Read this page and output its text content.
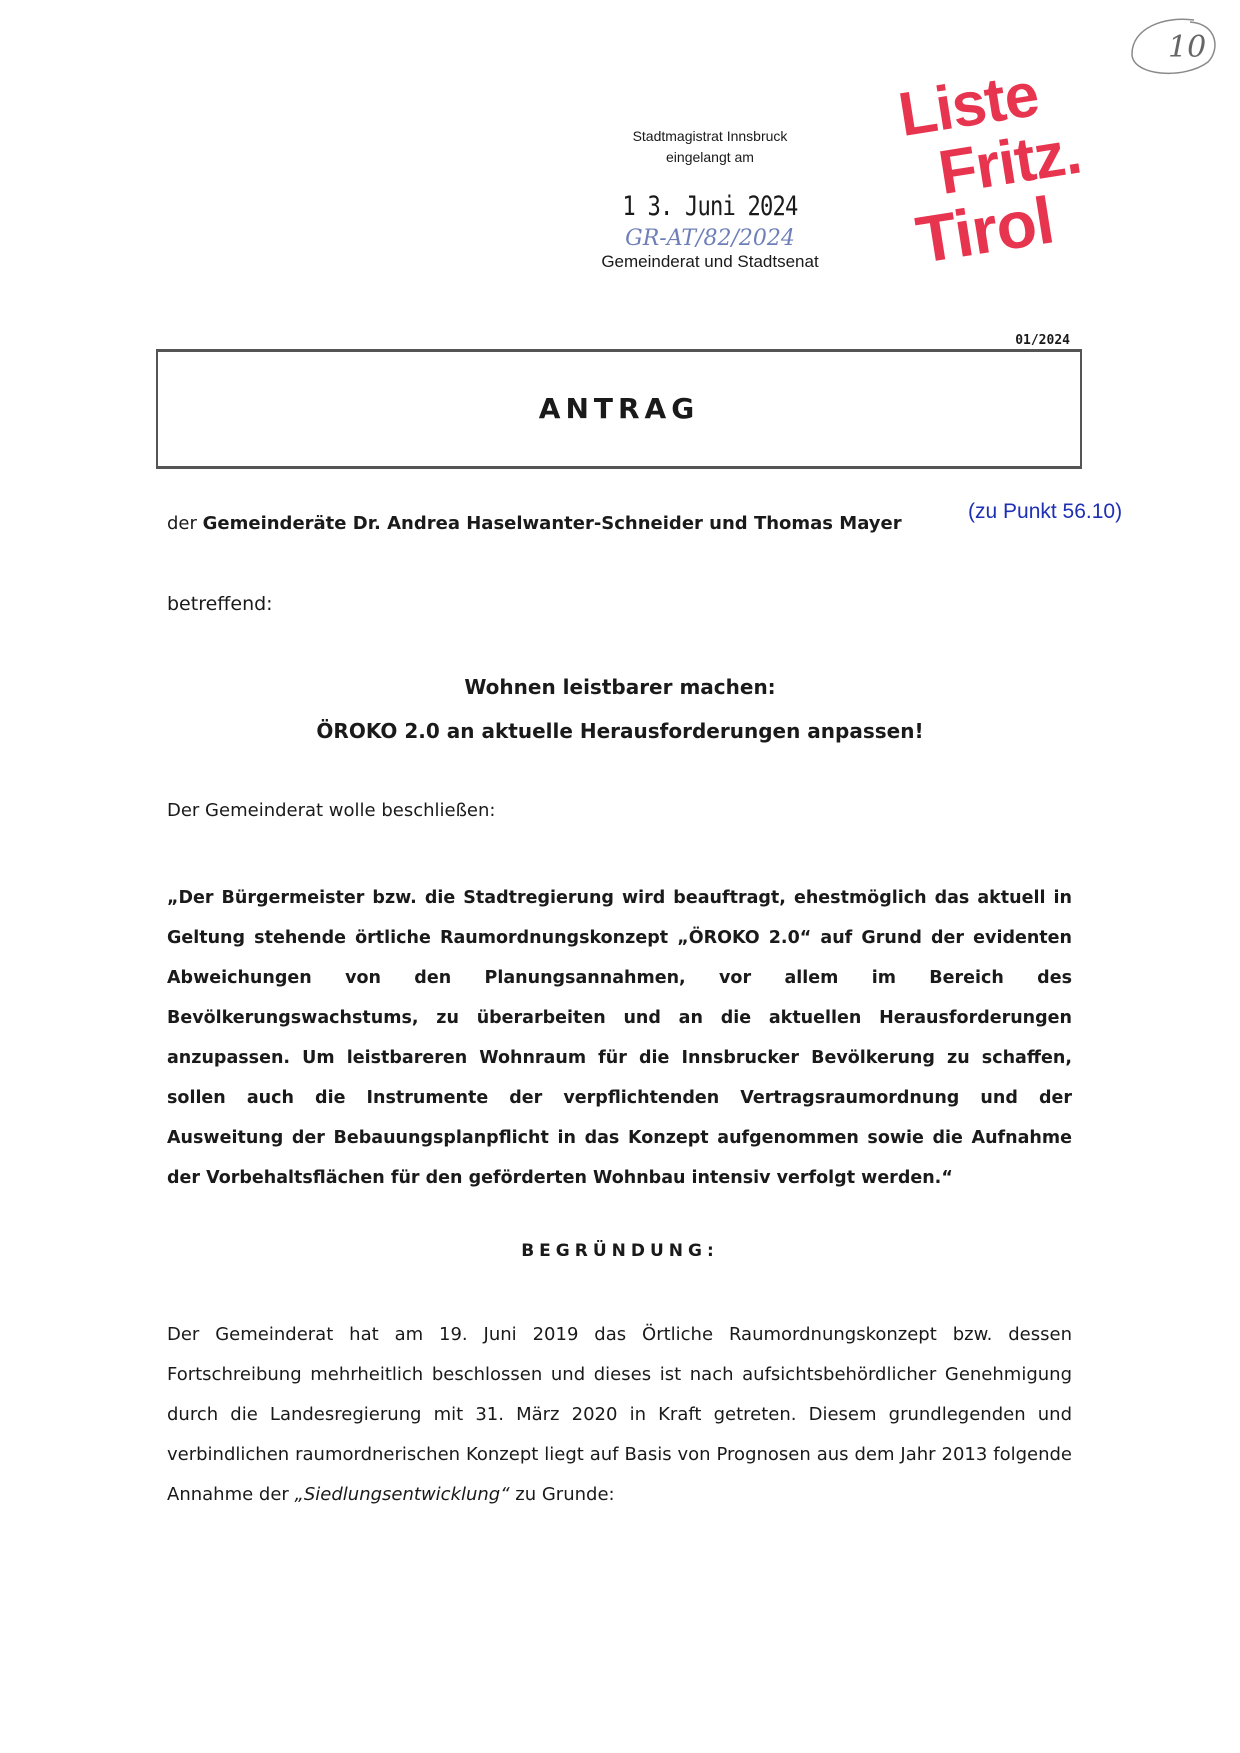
Stadtmagistrat Innsbruck
eingelangt am
1 3. Juni 2024
GR-AT/82/2024
Gemeinderat und Stadtsenat
Liste
Fritz.
Tirol
10
01/2024
ANTRAG
der Gemeinderäte Dr. Andrea Haselwanter-Schneider und Thomas Mayer
(zu Punkt 56.10)
betreffend:
Wohnen leistbarer machen:
ÖROKO 2.0 an aktuelle Herausforderungen anpassen!
Der Gemeinderat wolle beschließen:
„Der Bürgermeister bzw. die Stadtregierung wird beauftragt, ehestmöglich das aktuell in Geltung stehende örtliche Raumordnungskonzept „ÖROKO 2.0“ auf Grund der evidenten Abweichungen von den Planungsannahmen, vor allem im Bereich des Bevölkerungswachstums, zu überarbeiten und an die aktuellen Herausforderungen anzupassen. Um leistbareren Wohnraum für die Innsbrucker Bevölkerung zu schaffen, sollen auch die Instrumente der verpflichtenden Vertragsraumordnung und der Ausweitung der Bebauungsplanpflicht in das Konzept aufgenommen sowie die Aufnahme der Vorbehaltsflächen für den geförderten Wohnbau intensiv verfolgt werden.“
BEGRÜNDUNG:
Der Gemeinderat hat am 19. Juni 2019 das Örtliche Raumordnungskonzept bzw. dessen Fortschreibung mehrheitlich beschlossen und dieses ist nach aufsichtsbehördlicher Genehmigung durch die Landesregierung mit 31. März 2020 in Kraft getreten. Diesem grundlegenden und verbindlichen raumordnerischen Konzept liegt auf Basis von Prognosen aus dem Jahr 2013 folgende Annahme der „Siedlungsentwicklung“ zu Grunde:
